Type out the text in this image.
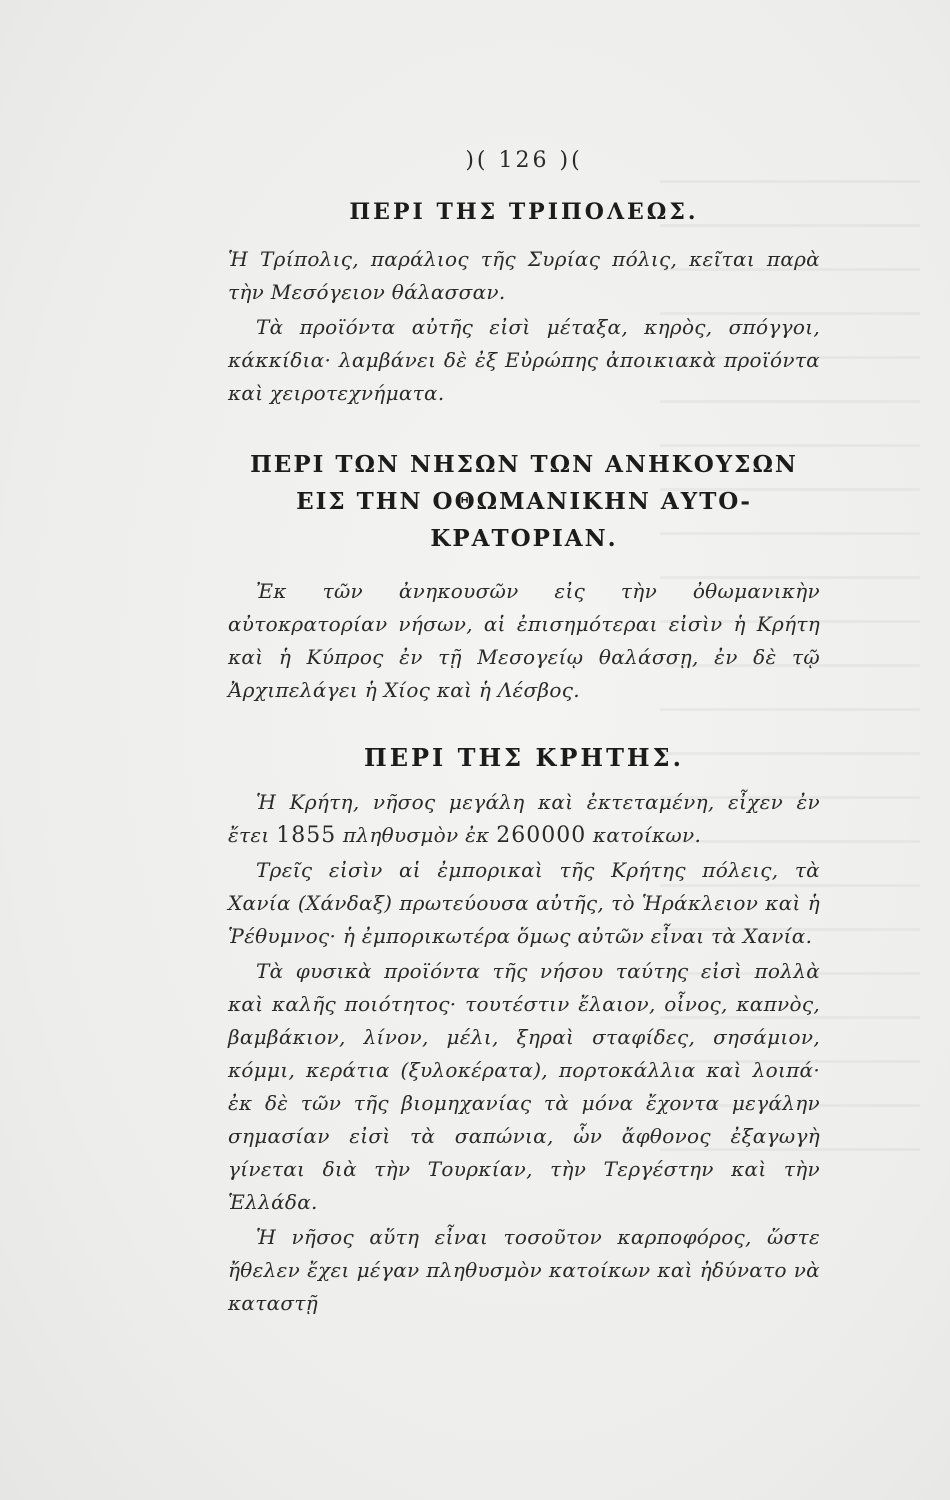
)( 126 )(
ΠΕΡΙ ΤΗΣ ΤΡΙΠΟΛΕΩΣ.

Ἡ Τρίπολις, παράλιος τῆς Συρίας πόλις, κεῖται παρὰ τὴν Μεσόγειον θάλασσαν.

Τὰ προϊόντα αὐτῆς εἰσὶ μέταξα, κηρὸς, σπόγγοι, κάκκίδια· λαμβάνει δὲ ἐξ Εὐρώπης ἀποικιακὰ προϊόντα καὶ χειροτεχνήματα.

ΠΕΡΙ ΤΩΝ ΝΗΣΩΝ ΤΩΝ ΑΝΗΚΟΥΣΩΝ
ΕΙΣ ΤΗΝ ΟΘΩΜΑΝΙΚΗΝ ΑΥΤΟ-
ΚΡΑΤΟΡΙΑΝ.

Ἐκ τῶν ἀνηκουσῶν εἰς τὴν ὀθωμανικὴν αὐτοκρατορίαν νήσων, αἱ ἐπισημότεραι εἰσὶν ἡ Κρήτη καὶ ἡ Κύπρος ἐν τῇ Μεσογείῳ θαλάσσῃ, ἐν δὲ τῷ Ἀρχιπελάγει ἡ Χίος καὶ ἡ Λέσβος.

ΠΕΡΙ ΤΗΣ ΚΡΗΤΗΣ.

Ἡ Κρήτη, νῆσος μεγάλη καὶ ἐκτεταμένη, εἶχεν ἐν ἔτει 1855 πληθυσμὸν ἐκ 260000 κατοίκων.

Τρεῖς εἰσὶν αἱ ἐμπορικαὶ τῆς Κρήτης πόλεις, τὰ Χανία (Χάνδαξ) πρωτεύουσα αὐτῆς, τὸ Ἡράκλειον καὶ ἡ Ῥέθυμνος· ἡ ἐμπορικωτέρα ὅμως αὐτῶν εἶναι τὰ Χανία.

Τὰ φυσικὰ προϊόντα τῆς νήσου ταύτης εἰσὶ πολλὰ καὶ καλῆς ποιότητος· τουτέστιν ἔλαιον, οἶνος, καπνὸς, βαμβάκιον, λίνον, μέλι, ξηραὶ σταφίδες, σησάμιον, κόμμι, κεράτια (ξυλοκέρατα), πορτοκάλλια καὶ λοιπά· ἐκ δὲ τῶν τῆς βιομηχανίας τὰ μόνα ἔχοντα μεγάλην σημασίαν εἰσὶ τὰ σαπώνια, ὧν ἄφθονος ἐξαγωγὴ γίνεται διὰ τὴν Τουρκίαν, τὴν Τεργέστην καὶ τὴν Ἑλλάδα.

Ἡ νῆσος αὕτη εἶναι τοσοῦτον καρποφόρος, ὥστε ἤθελεν ἔχει μέγαν πληθυσμὸν κατοίκων καὶ ἠδύνατο νὰ καταστῇ
